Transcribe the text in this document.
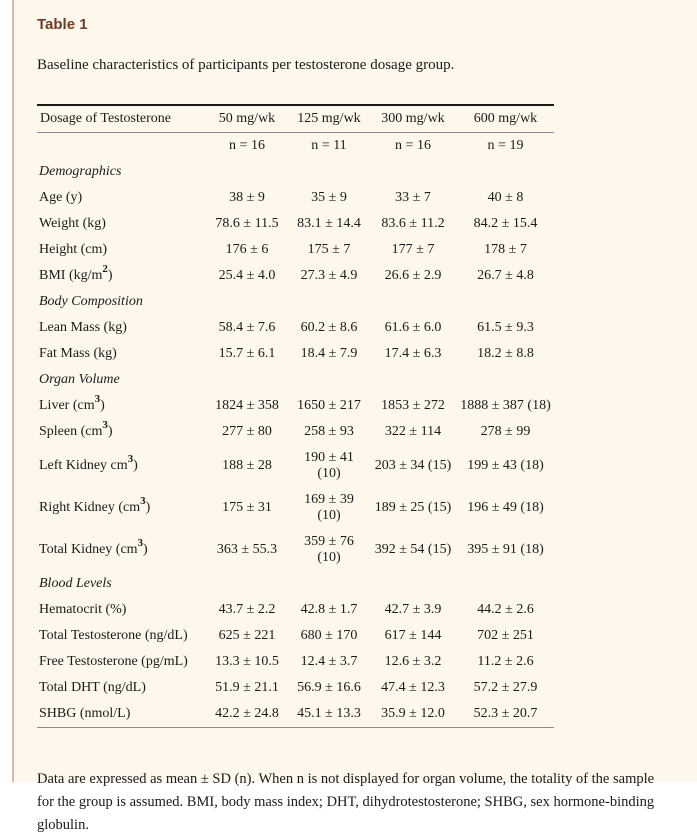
Table 1
Baseline characteristics of participants per testosterone dosage group.
Dosage of Testosterone	50 mg/wk	125 mg/wk	300 mg/wk	600 mg/wk
	n = 16	n = 11	n = 16	n = 19
Demographics				
Age (y)	38 ± 9	35 ± 9	33 ± 7	40 ± 8
Weight (kg)	78.6 ± 11.5	83.1 ± 14.4	83.6 ± 11.2	84.2 ± 15.4
Height (cm)	176 ± 6	175 ± 7	177 ± 7	178 ± 7
BMI $(kg/m^2)$	25.4 ± 4.0	27.3 ± 4.9	26.6 ± 2.9	26.7 ± 4.8
Body Composition				
Lean Mass (kg)	58.4 ± 7.6	60.2 ± 8.6	61.6 ± 6.0	61.5 ± 9.3
Fat Mass (kg)	15.7 ± 6.1	18.4 ± 7.9	17.4 ± 6.3	18.2 ± 8.8
Organ Volume				
Liver $(cm^3)$	1824 ± 358	1650 ± 217	1853 ± 272	1888 ± 387 (18)
Spleen $(cm^3)$	277 ± 80	258 ± 93	322 ± 114	278 ± 99
Left Kidney $cm^3$)	188 ± 28	190 ± 41 (10)	203 ± 34 (15)	199 ± 43 (18)
Right Kidney $(cm^3)$	175 ± 31	169 ± 39 (10)	189 ± 25 (15)	196 ± 49 (18)
Total Kidney $(cm^3)$	363 ± 55.3	359 ± 76 (10)	392 ± 54 (15)	395 ± 91 (18)
Blood Levels				
Hematocrit (%)	43.7 ± 2.2	42.8 ± 1.7	42.7 ± 3.9	44.2 ± 2.6
Total Testosterone (ng/dL)	625 ± 221	680 ± 170	617 ± 144	702 ± 251
Free Testosterone (pg/mL)	13.3 ± 10.5	12.4 ± 3.7	12.6 ± 3.2	11.2 ± 2.6
Total DHT (ng/dL)	51.9 ± 21.1	56.9 ± 16.6	47.4 ± 12.3	57.2 ± 27.9
SHBG (nmol/L)	42.2 ± 24.8	45.1 ± 13.3	35.9 ± 12.0	52.3 ± 20.7
Data are expressed as mean ± SD (n). When n is not displayed for organ volume, the totality of the sample for the group is assumed. BMI, body mass index; DHT, dihydrotestosterone; SHBG, sex hormone-binding globulin.
